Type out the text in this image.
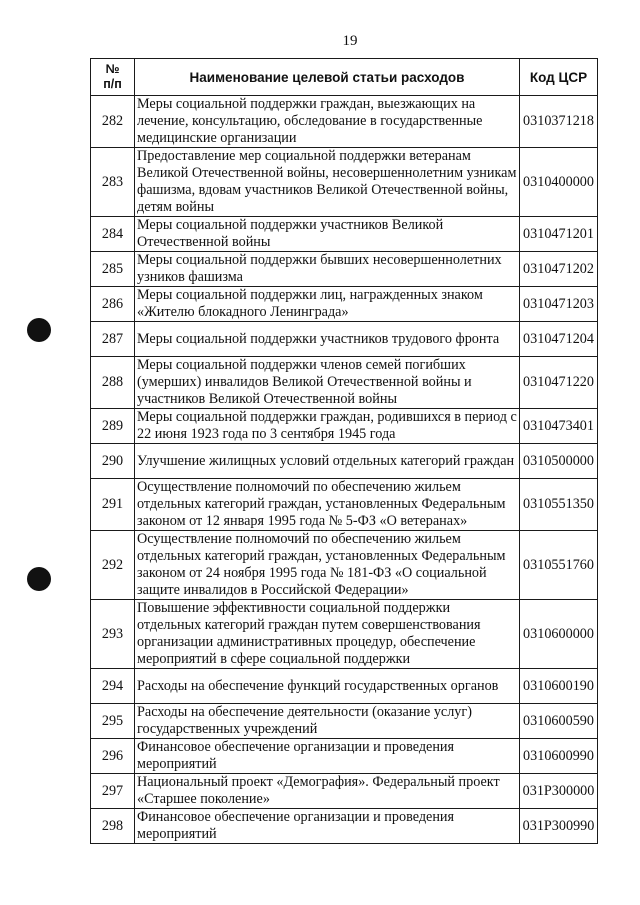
19
№
п/п	Наименование целевой статьи расходов	Код ЦСР
282	Меры социальной поддержки граждан, выезжающих на лечение, консультацию, обследование в государственные медицинские организации	0310371218
283	Предоставление мер социальной поддержки ветеранам Великой Отечественной войны, несовершеннолетним узникам фашизма, вдовам участников Великой Отечественной войны, детям войны	0310400000
284	Меры социальной поддержки участников Великой Отечественной войны	0310471201
285	Меры социальной поддержки бывших несовершеннолетних узников фашизма	0310471202
286	Меры социальной поддержки лиц, награжденных знаком «Жителю блокадного Ленинграда»	0310471203
287	Меры социальной поддержки участников трудового фронта	0310471204
288	Меры социальной поддержки членов семей погибших (умерших) инвалидов Великой Отечественной войны и участников Великой Отечественной войны	0310471220
289	Меры социальной поддержки граждан, родившихся в период с 22 июня 1923 года по 3 сентября 1945 года	0310473401
290	Улучшение жилищных условий отдельных категорий граждан	0310500000
291	Осуществление полномочий по обеспечению жильем отдельных категорий граждан, установленных Федеральным законом от 12 января 1995 года № 5-ФЗ «О ветеранах»	0310551350
292	Осуществление полномочий по обеспечению жильем отдельных категорий граждан, установленных Федеральным законом от 24 ноября 1995 года № 181-ФЗ «О социальной защите инвалидов в Российской Федерации»	0310551760
293	Повышение эффективности социальной поддержки отдельных категорий граждан путем совершенствования организации административных процедур, обеспечение мероприятий в сфере социальной поддержки	0310600000
294	Расходы на обеспечение функций государственных органов	0310600190
295	Расходы на обеспечение деятельности (оказание услуг) государственных учреждений	0310600590
296	Финансовое обеспечение организации и проведения мероприятий	0310600990
297	Национальный проект «Демография». Федеральный проект «Старшее поколение»	031P300000
298	Финансовое обеспечение организации и проведения мероприятий	031P300990
